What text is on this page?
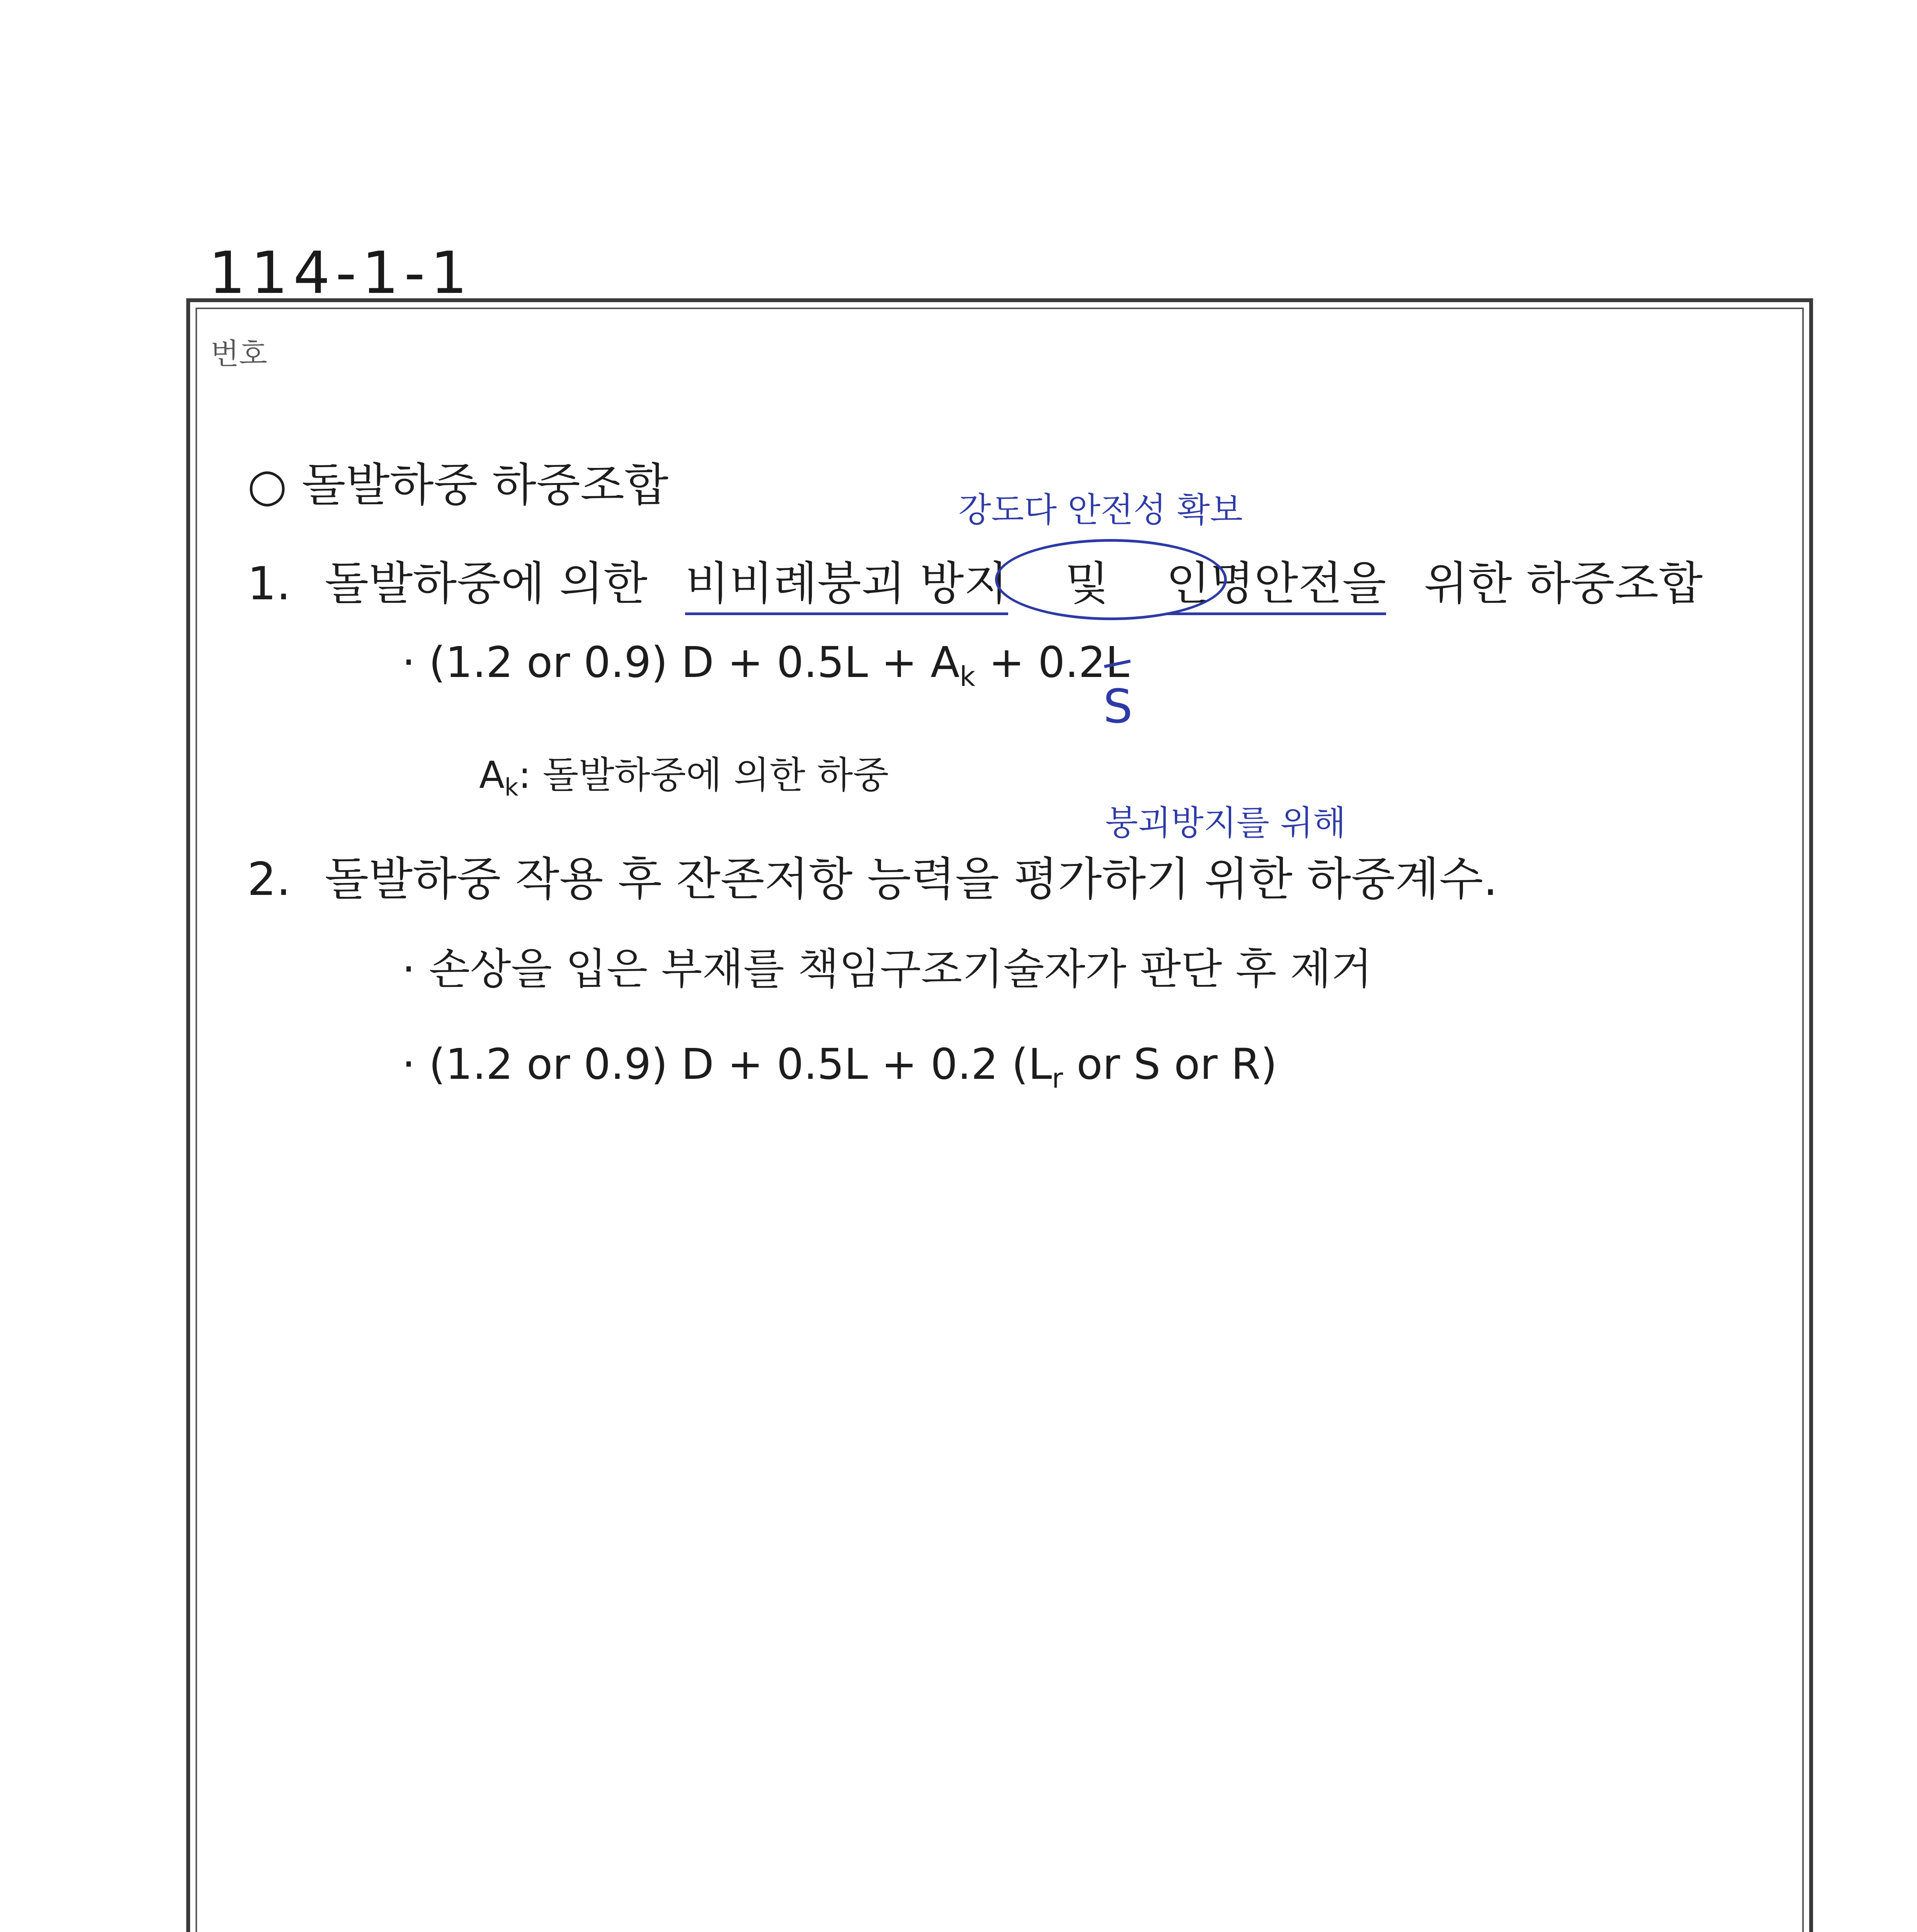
114-1-1
번호
○ 돌발하중 하중조합	강도다 안전성 확보
1. 돌발하중에 의한 비비례붕괴 방지 및 인명안전을 위한 하중조합
· (1.2 or 0.9) $D + 0.5L + A_k + 0.2L$
S
$A_k$: 돌발하중에 의한 하중
붕괴방지를 위해
2. 돌발하중 작용 후 잔존저항 능력을 평가하기 위한 하중계수.
· 손상을 입은 부재를 책임구조기술자가 판단 후 제거
· (1.2 or 0.9) D + 0.5L + 0.2 ($L_r$ or S or R)
